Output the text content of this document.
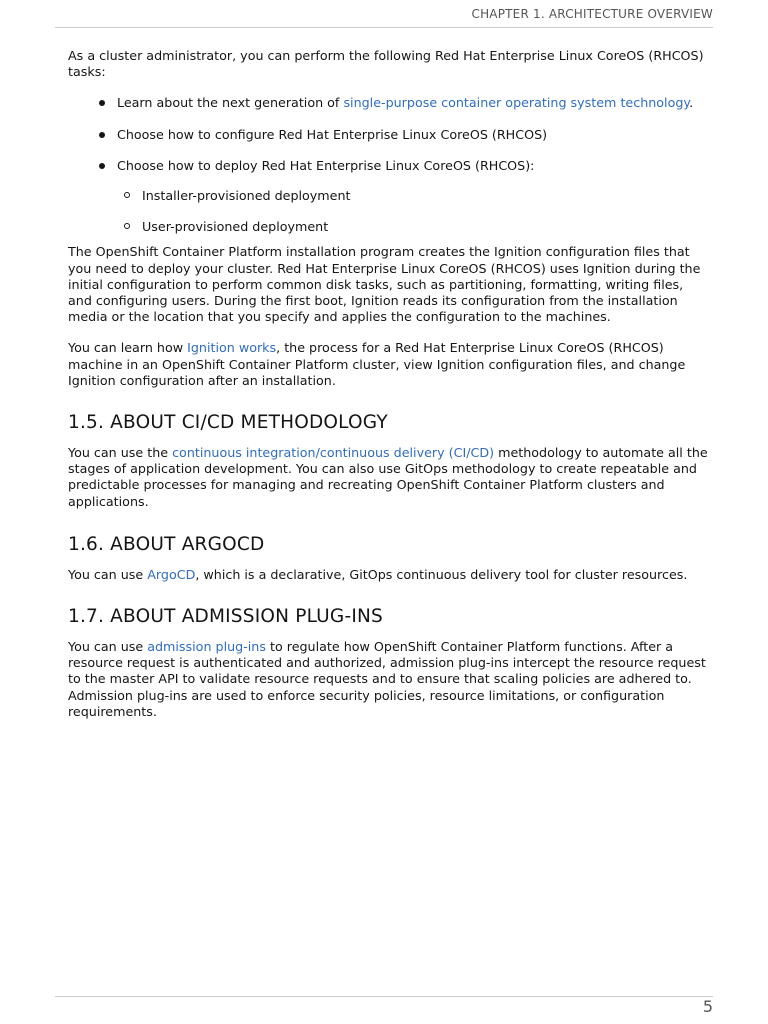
CHAPTER 1. ARCHITECTURE OVERVIEW

As a cluster administrator, you can perform the following Red Hat Enterprise Linux CoreOS (RHCOS) tasks:

Learn about the next generation of single-purpose container operating system technology.
Choose how to configure Red Hat Enterprise Linux CoreOS (RHCOS)
Choose how to deploy Red Hat Enterprise Linux CoreOS (RHCOS):
Installer-provisioned deployment
User-provisioned deployment

The OpenShift Container Platform installation program creates the Ignition configuration files that you need to deploy your cluster. Red Hat Enterprise Linux CoreOS (RHCOS) uses Ignition during the initial configuration to perform common disk tasks, such as partitioning, formatting, writing files, and configuring users. During the first boot, Ignition reads its configuration from the installation media or the location that you specify and applies the configuration to the machines.

You can learn how Ignition works, the process for a Red Hat Enterprise Linux CoreOS (RHCOS) machine in an OpenShift Container Platform cluster, view Ignition configuration files, and change Ignition configuration after an installation.

1.5. ABOUT CI/CD METHODOLOGY

You can use the continuous integration/continuous delivery (CI/CD) methodology to automate all the stages of application development. You can also use GitOps methodology to create repeatable and predictable processes for managing and recreating OpenShift Container Platform clusters and applications.

1.6. ABOUT ARGOCD

You can use ArgoCD, which is a declarative, GitOps continuous delivery tool for cluster resources.

1.7. ABOUT ADMISSION PLUG-INS

You can use admission plug-ins to regulate how OpenShift Container Platform functions. After a resource request is authenticated and authorized, admission plug-ins intercept the resource request to the master API to validate resource requests and to ensure that scaling policies are adhered to. Admission plug-ins are used to enforce security policies, resource limitations, or configuration requirements.

5
